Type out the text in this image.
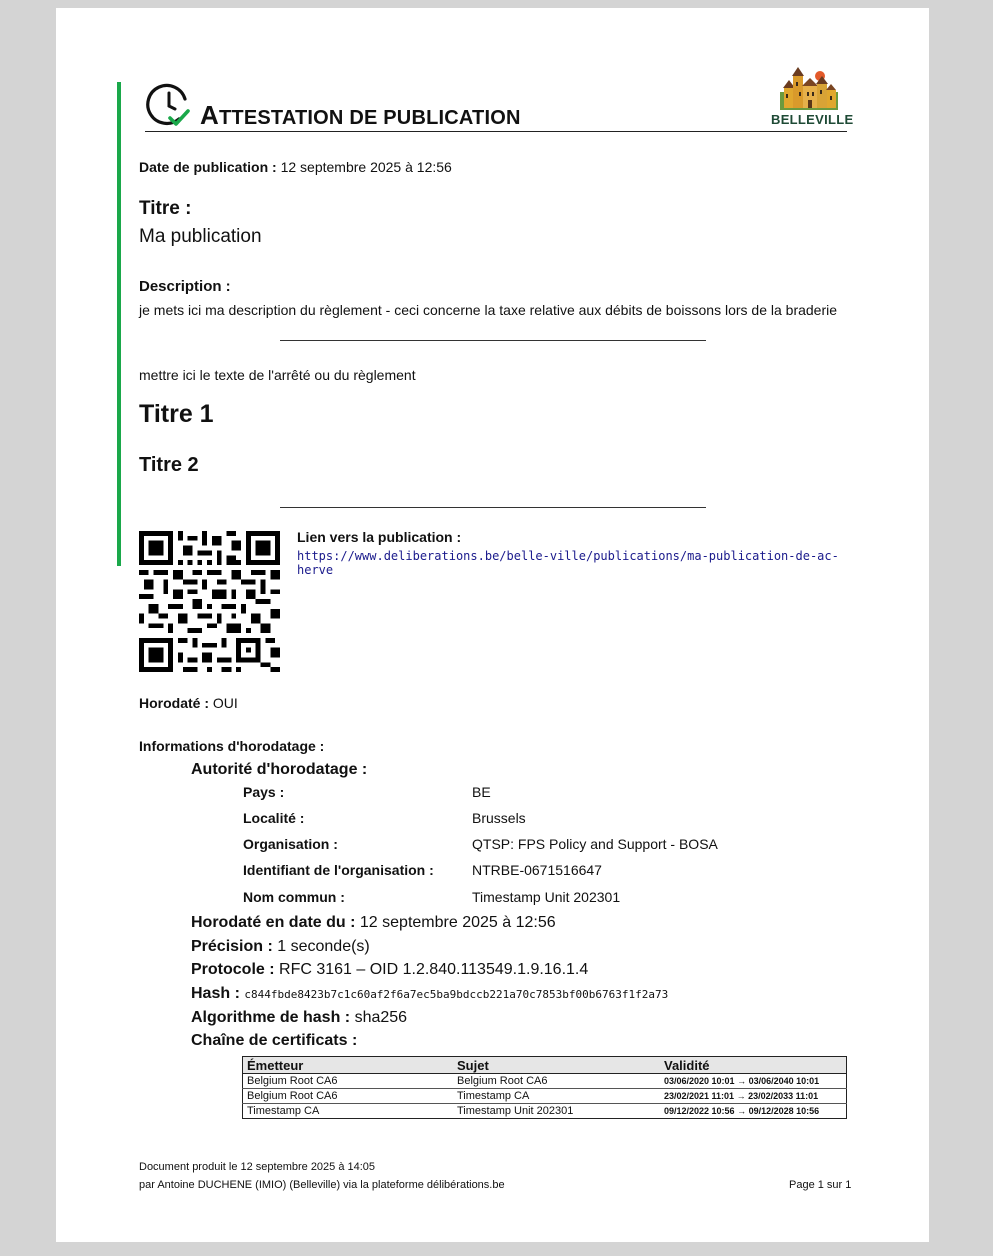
ATTESTATION DE PUBLICATION	BELLEVILLE
Date de publication : 12 septembre 2025 à 12:56
Titre :
Ma publication
Description :
je mets ici ma description du règlement - ceci concerne la taxe relative aux débits de boissons lors de la braderie
mettre ici le texte de l'arrêté ou du règlement
Titre 1
Titre 2
Lien vers la publication :
https://www.deliberations.be/belle-ville/publications/ma-publication-de-ac-
herve
Horodaté : OUI
Informations d'horodatage :
Autorité d'horodatage :
Pays :	BE
Localité :	Brussels
Organisation :	QTSP: FPS Policy and Support - BOSA
Identifiant de l'organisation :	NTRBE-0671516647
Nom commun :	Timestamp Unit 202301
Horodaté en date du : 12 septembre 2025 à 12:56
Précision : 1 seconde(s)
Protocole : RFC 3161 – OID 1.2.840.113549.1.9.16.1.4
Hash : c844fbde8423b7c1c60af2f6a7ec5ba9bdccb221a70c7853bf00b6763f1f2a73
Algorithme de hash : sha256
Chaîne de certificats :
Émetteur	Sujet	Validité
Belgium Root CA6	Belgium Root CA6	03/06/2020 10:01 → 03/06/2040 10:01
Belgium Root CA6	Timestamp CA	23/02/2021 11:01 → 23/02/2033 11:01
Timestamp CA	Timestamp Unit 202301	09/12/2022 10:56 → 09/12/2028 10:56
Document produit le 12 septembre 2025 à 14:05
par Antoine DUCHENE (IMIO) (Belleville) via la plateforme délibérations.be	Page 1 sur 1
